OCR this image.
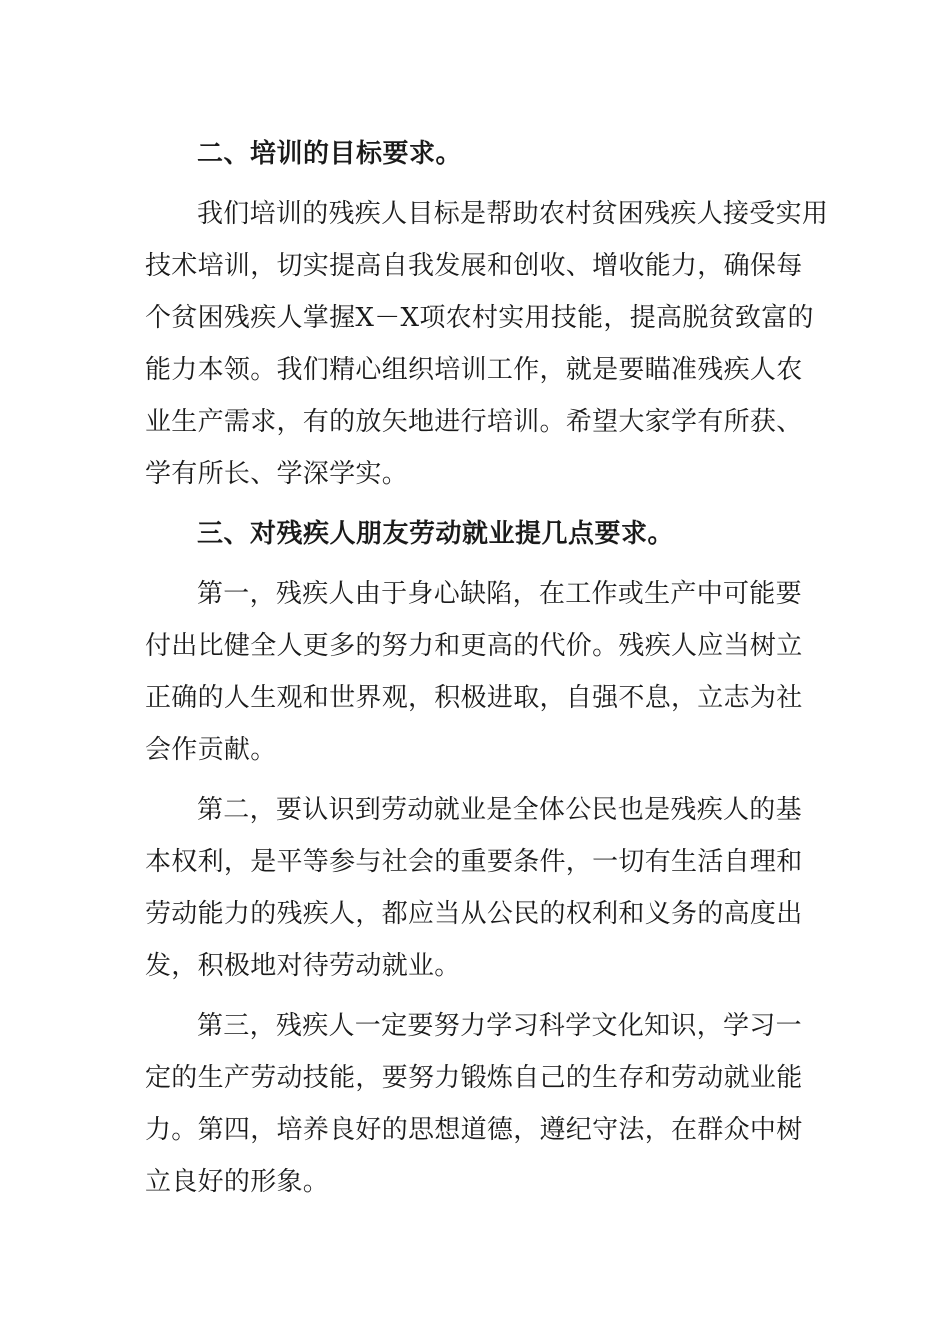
二、培训的目标要求。
我们培训的残疾人目标是帮助农村贫困残疾人接受实用
技术培训，切实提高自我发展和创收、增收能力，确保每
个贫困残疾人掌握X－X项农村实用技能，提高脱贫致富的
能力本领。我们精心组织培训工作，就是要瞄准残疾人农
业生产需求，有的放矢地进行培训。希望大家学有所获、
学有所长、学深学实。
三、对残疾人朋友劳动就业提几点要求。
第一，残疾人由于身心缺陷，在工作或生产中可能要
付出比健全人更多的努力和更高的代价。残疾人应当树立
正确的人生观和世界观，积极进取，自强不息，立志为社
会作贡献。
第二，要认识到劳动就业是全体公民也是残疾人的基
本权利，是平等参与社会的重要条件，一切有生活自理和
劳动能力的残疾人，都应当从公民的权利和义务的高度出
发，积极地对待劳动就业。
第三，残疾人一定要努力学习科学文化知识，学习一
定的生产劳动技能，要努力锻炼自己的生存和劳动就业能
力。第四，培养良好的思想道德，遵纪守法，在群众中树
立良好的形象。
